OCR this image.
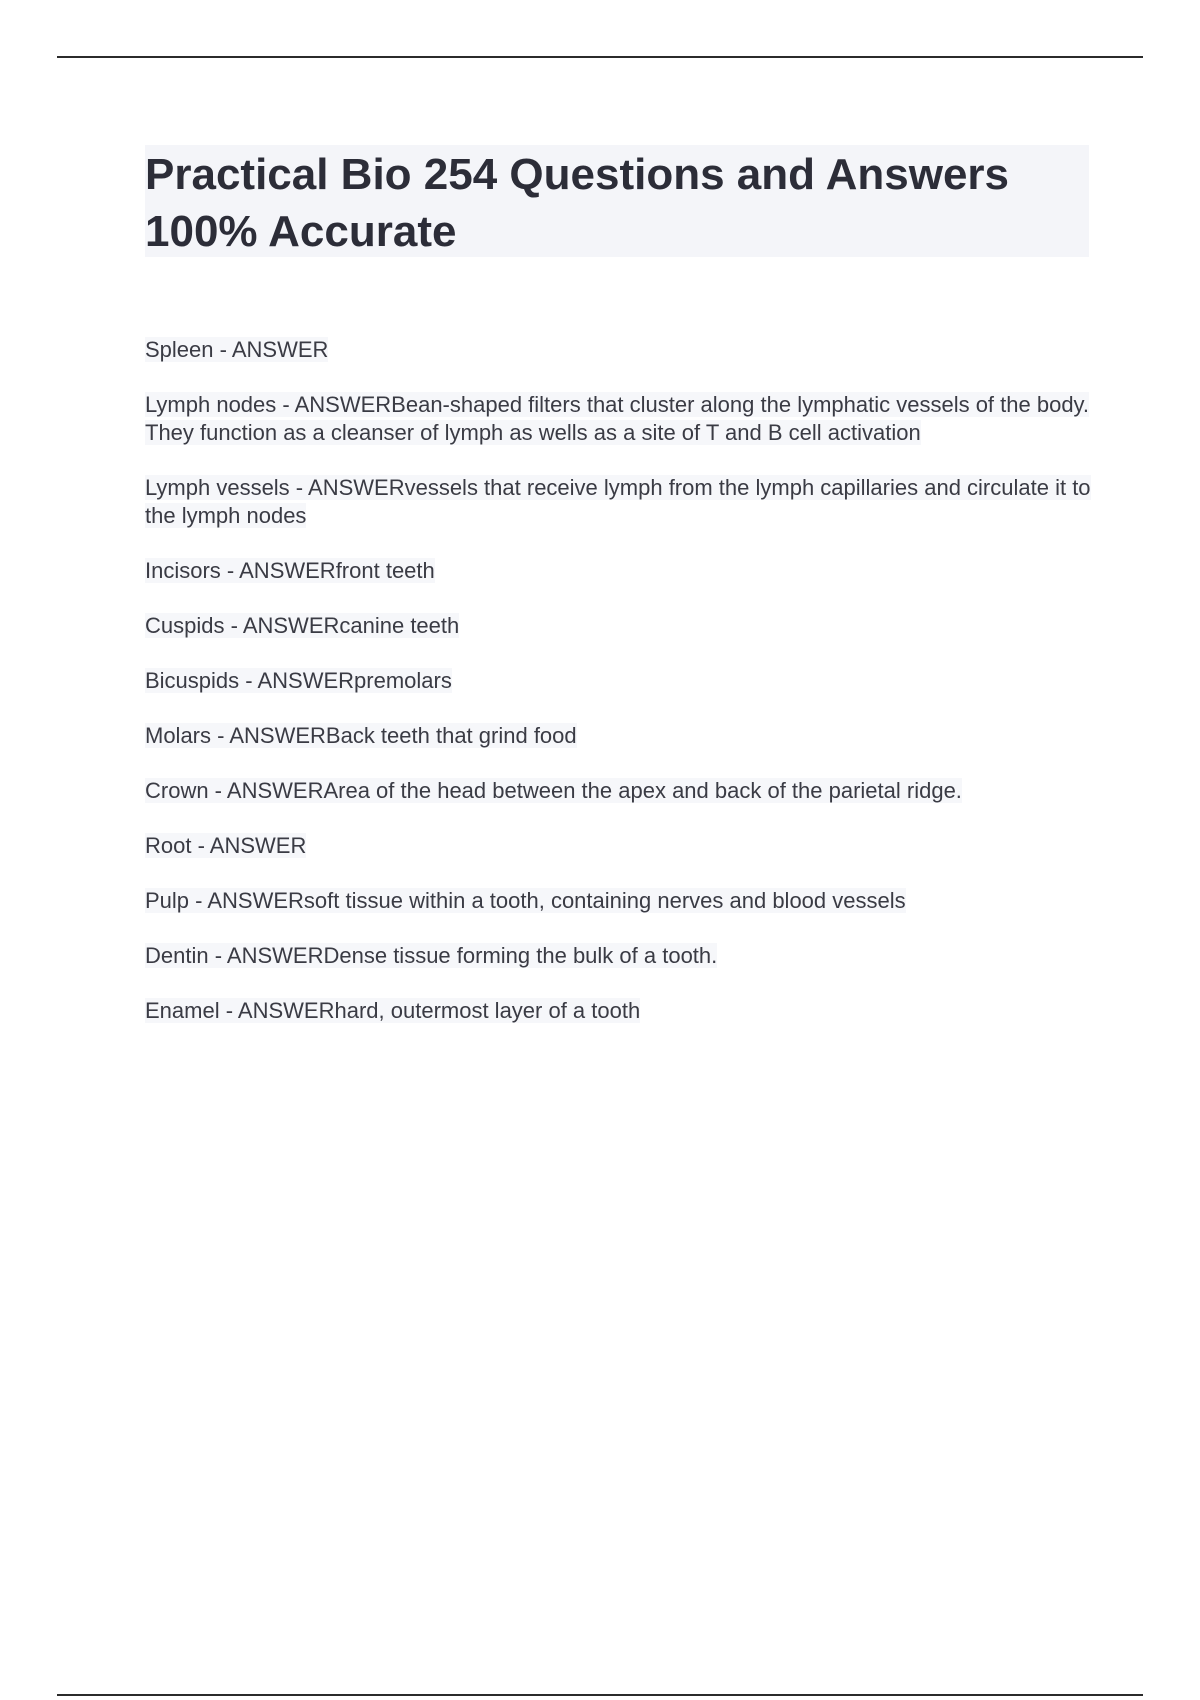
Practical Bio 254 Questions and Answers 100% Accurate
Spleen - ANSWER
Lymph nodes - ANSWERBean-shaped filters that cluster along the lymphatic vessels of the body. They function as a cleanser of lymph as wells as a site of T and B cell activation
Lymph vessels - ANSWERvessels that receive lymph from the lymph capillaries and circulate it to the lymph nodes
Incisors - ANSWERfront teeth
Cuspids - ANSWERcanine teeth
Bicuspids - ANSWERpremolars
Molars - ANSWERBack teeth that grind food
Crown - ANSWERArea of the head between the apex and back of the parietal ridge.
Root - ANSWER
Pulp - ANSWERsoft tissue within a tooth, containing nerves and blood vessels
Dentin - ANSWERDense tissue forming the bulk of a tooth.
Enamel - ANSWERhard, outermost layer of a tooth
